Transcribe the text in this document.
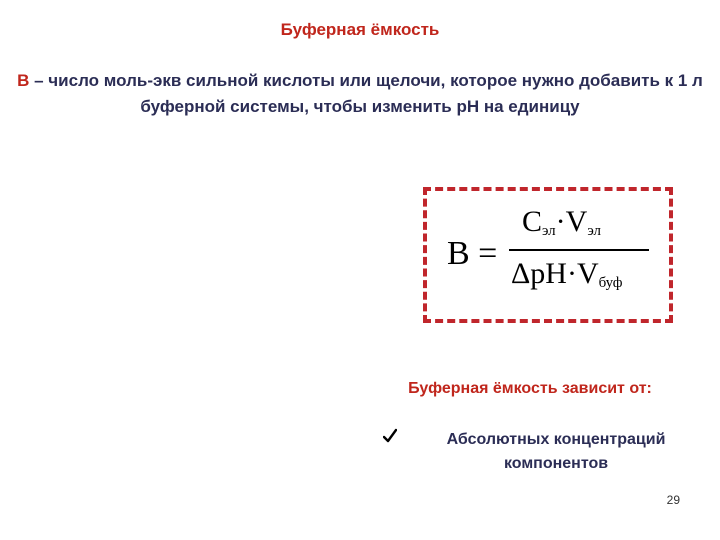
Буферная ёмкость
В – число моль-экв сильной кислоты или щелочи, которое нужно добавить к 1 л буферной системы, чтобы изменить рН на единицу
B =
$C_{эл}\cdot V_{эл}$
$\Delta pH\cdot V_{буф}$
Буферная ёмкость зависит от:
Абсолютных концентраций компонентов
29
